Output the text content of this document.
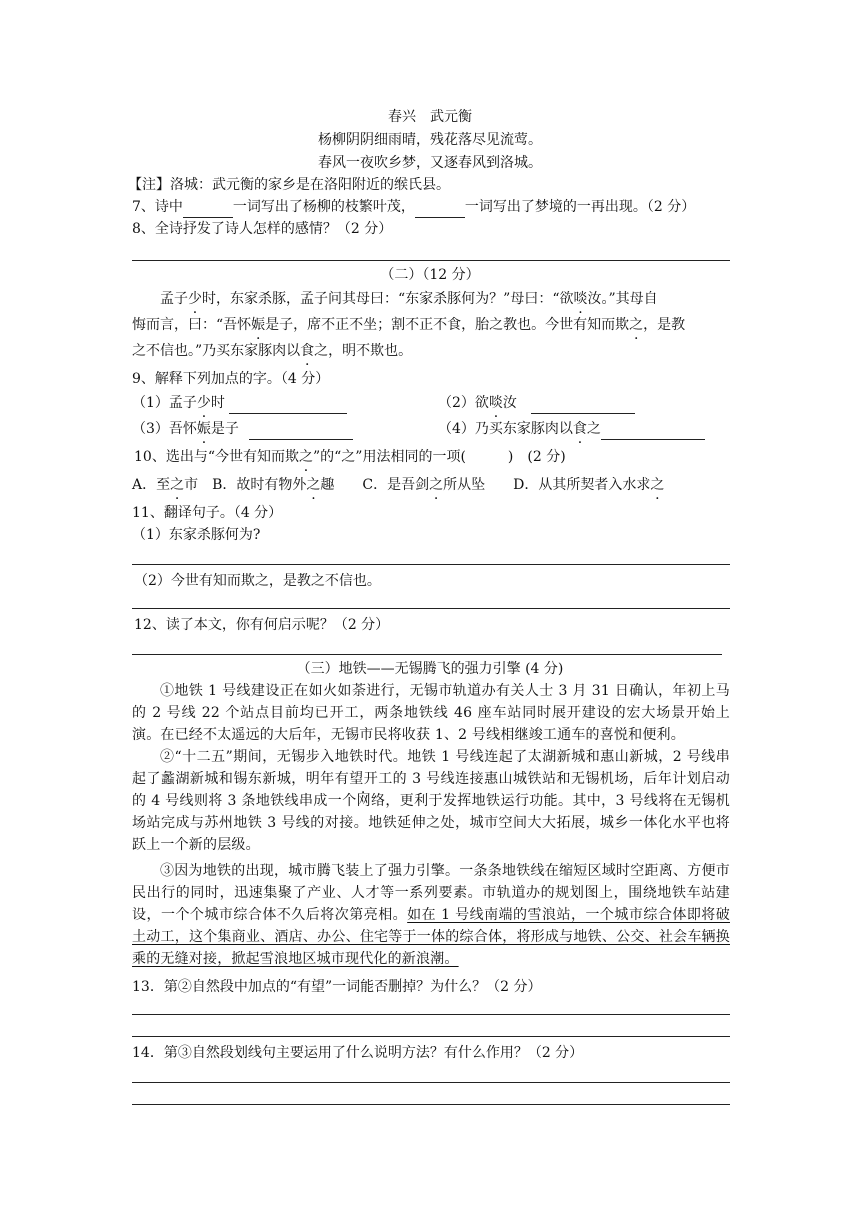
春兴　武元衡
杨柳阴阴细雨晴，残花落尽见流莺。
春风一夜吹乡梦，又逐春风到洛城。
【注】洛城：武元衡的家乡是在洛阳附近的缑氏县。
7、诗中	一词写出了杨柳的枝繁叶茂，	一词写出了梦境的一再出现。（2 分）
8、全诗抒发了诗人怎样的感情？（2 分）
（二）（12 分）
孟子少时，东家杀豚，孟子问其母曰：“东家杀豚何为？”母曰：“欲啖汝。”其母自
悔而言，曰：“吾怀娠是子，席不正不坐；割不正不食，胎之教也。今世有知而欺之，是教
之不信也。”乃买东家豚肉以食之，明不欺也。
9、解释下列加点的字。（4 分）
（1）孟子少时	（2）欲啖汝
（3）吾怀娠是子	（4）乃买东家豚肉以食之
10、选出与“今世有知而欺之”的“之”用法相同的一项(　　　)　(2 分)
A．至之市　B．故时有物外之趣　　C．是吾剑之所从坠　　D．从其所契者入水求之
11、翻译句子。（4 分）
（1）东家杀豚何为?
（2）今世有知而欺之，是教之不信也。
12、读了本文，你有何启示呢？（2 分）
（三）地铁——无锡腾飞的强力引擎 (4 分)
①地铁 1 号线建设正在如火如荼进行，无锡市轨道办有关人士 3 月 31 日确认，年初上马的 2 号线 22 个站点目前均已开工，两条地铁线 46 座车站同时展开建设的宏大场景开始上演。在已经不太遥远的大后年，无锡市民将收获 1、2 号线相继竣工通车的喜悦和便利。
②“十二五”期间，无锡步入地铁时代。地铁 1 号线连起了太湖新城和惠山新城，2 号线串起了蠡湖新城和锡东新城，明年有望开工的 3 号线连接惠山城铁站和无锡机场，后年计划启动的 4 号线则将 3 条地铁线串成一个网络，更利于发挥地铁运行功能。其中，3 号线将在无锡机场站完成与苏州地铁 3 号线的对接。地铁延伸之处，城市空间大大拓展，城乡一体化水平也将跃上一个新的层级。
③因为地铁的出现，城市腾飞装上了强力引擎。一条条地铁线在缩短区域时空距离、方便市民出行的同时，迅速集聚了产业、人才等一系列要素。市轨道办的规划图上，围绕地铁车站建设，一个个城市综合体不久后将次第亮相。如在 1 号线南端的雪浪站，一个城市综合体即将破土动工，这个集商业、酒店、办公、住宅等于一体的综合体，将形成与地铁、公交、社会车辆换乘的无缝对接，掀起雪浪地区城市现代化的新浪潮。
13．第②自然段中加点的“有望”一词能否删掉？为什么？（2 分）
14．第③自然段划线句主要运用了什么说明方法？有什么作用？（2 分）
